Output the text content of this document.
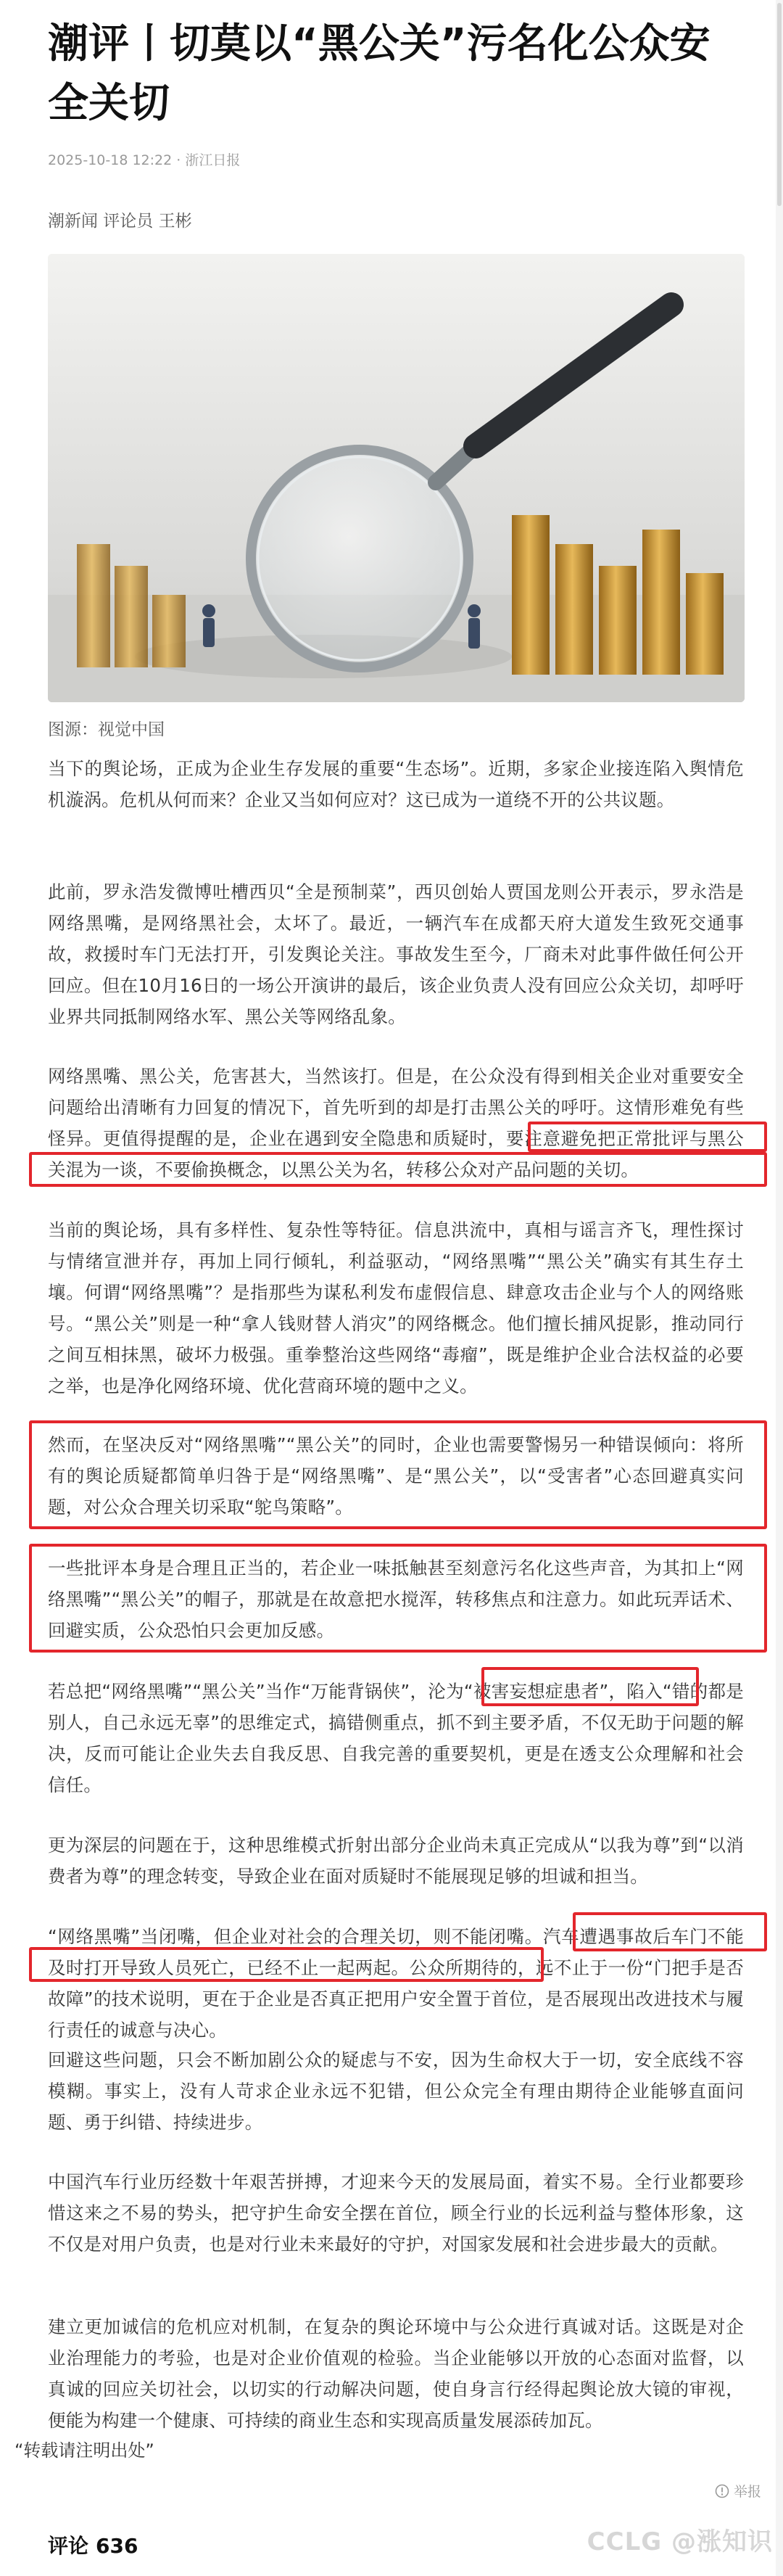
潮评丨切莫以“黑公关”污名化公众安全关切
2025-10-18 12:22 · 浙江日报
潮新闻 评论员 王彬
图源：视觉中国

当下的舆论场，正成为企业生存发展的重要“生态场”。近期，多家企业接连陷入舆情危机漩涡。危机从何而来？企业又当如何应对？这已成为一道绕不开的公共议题。

此前，罗永浩发微博吐槽西贝“全是预制菜”，西贝创始人贾国龙则公开表示，罗永浩是网络黑嘴，是网络黑社会，太坏了。最近，一辆汽车在成都天府大道发生致死交通事故，救援时车门无法打开，引发舆论关注。事故发生至今，厂商未对此事件做任何公开回应。但在10月16日的一场公开演讲的最后，该企业负责人没有回应公众关切，却呼吁业界共同抵制网络水军、黑公关等网络乱象。

网络黑嘴、黑公关，危害甚大，当然该打。但是，在公众没有得到相关企业对重要安全问题给出清晰有力回复的情况下，首先听到的却是打击黑公关的呼吁。这情形难免有些怪异。更值得提醒的是，企业在遇到安全隐患和质疑时，要注意避免把正常批评与黑公关混为一谈，不要偷换概念，以黑公关为名，转移公众对产品问题的关切。

当前的舆论场，具有多样性、复杂性等特征。信息洪流中，真相与谣言齐飞，理性探讨与情绪宣泄并存，再加上同行倾轧，利益驱动，“网络黑嘴”“黑公关”确实有其生存土壤。何谓“网络黑嘴”？是指那些为谋私利发布虚假信息、肆意攻击企业与个人的网络账号。“黑公关”则是一种“拿人钱财替人消灾”的网络概念。他们擅长捕风捉影，推动同行之间互相抹黑，破坏力极强。重拳整治这些网络“毒瘤”，既是维护企业合法权益的必要之举，也是净化网络环境、优化营商环境的题中之义。

然而，在坚决反对“网络黑嘴”“黑公关”的同时，企业也需要警惕另一种错误倾向：将所有的舆论质疑都简单归咎于是“网络黑嘴”、是“黑公关”，以“受害者”心态回避真实问题，对公众合理关切采取“鸵鸟策略”。

一些批评本身是合理且正当的，若企业一味抵触甚至刻意污名化这些声音，为其扣上“网络黑嘴”“黑公关”的帽子，那就是在故意把水搅浑，转移焦点和注意力。如此玩弄话术、回避实质，公众恐怕只会更加反感。

若总把“网络黑嘴”“黑公关”当作“万能背锅侠”，沦为“被害妄想症患者”，陷入“错的都是别人，自己永远无辜”的思维定式，搞错侧重点，抓不到主要矛盾，不仅无助于问题的解决，反而可能让企业失去自我反思、自我完善的重要契机，更是在透支公众理解和社会信任。

更为深层的问题在于，这种思维模式折射出部分企业尚未真正完成从“以我为尊”到“以消费者为尊”的理念转变，导致企业在面对质疑时不能展现足够的坦诚和担当。

“网络黑嘴”当闭嘴，但企业对社会的合理关切，则不能闭嘴。汽车遭遇事故后车门不能及时打开导致人员死亡，已经不止一起两起。公众所期待的，远不止于一份“门把手是否故障”的技术说明，更在于企业是否真正把用户安全置于首位，是否展现出改进技术与履行责任的诚意与决心。

回避这些问题，只会不断加剧公众的疑虑与不安，因为生命权大于一切，安全底线不容模糊。事实上，没有人苛求企业永远不犯错，但公众完全有理由期待企业能够直面问题、勇于纠错、持续进步。

中国汽车行业历经数十年艰苦拼搏，才迎来今天的发展局面，着实不易。全行业都要珍惜这来之不易的势头，把守护生命安全摆在首位，顾全行业的长远利益与整体形象，这不仅是对用户负责，也是对行业未来最好的守护，对国家发展和社会进步最大的贡献。

建立更加诚信的危机应对机制，在复杂的舆论环境中与公众进行真诚对话。这既是对企业治理能力的考验，也是对企业价值观的检验。当企业能够以开放的心态面对监督，以真诚的回应关切社会，以切实的行动解决问题，使自身言行经得起舆论放大镜的审视，便能为构建一个健康、可持续的商业生态和实现高质量发展添砖加瓦。

评论 636
“转载请注明出处”
举报
CCLG @涨知识
